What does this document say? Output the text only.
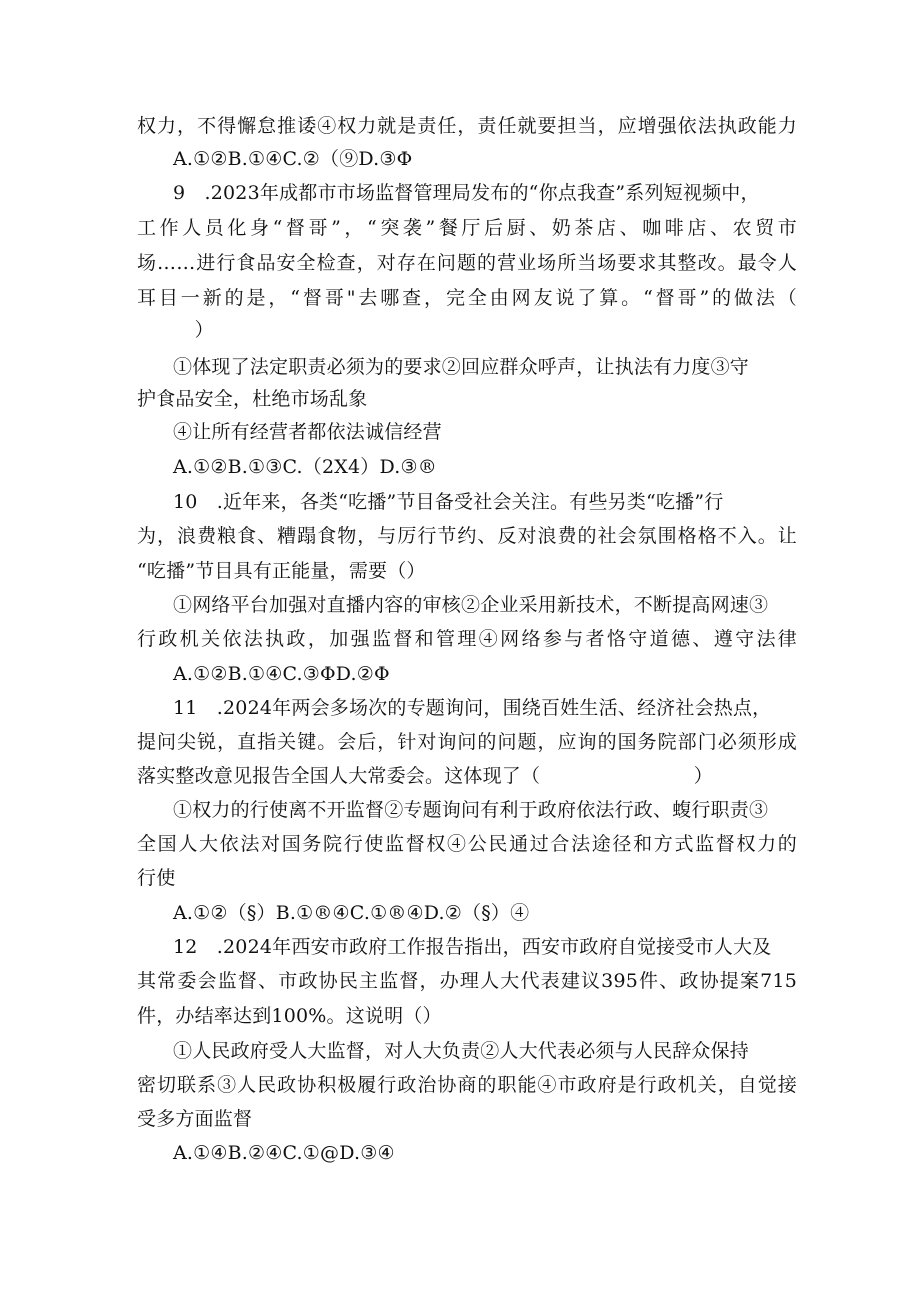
权力，不得懈怠推诿④权力就是责任，责任就要担当，应增强依法执政能力
A.①②B.①④C.②（⑨D.③Φ
9　.2023年成都市市场监督管理局发布的“你点我查”系列短视频中，
工作人员化身“督哥”，“突袭”餐厅后厨、奶茶店、咖啡店、农贸市
场……进行食品安全检查，对存在问题的营业场所当场要求其整改。最令人
耳目一新的是，“督哥"去哪查，完全由网友说了算。“督哥”的做法（
　　　）
①体现了法定职责必须为的要求②回应群众呼声，让执法有力度③守
护食品安全，杜绝市场乱象
④让所有经营者都依法诚信经营
A.①②B.①③C.（2X4）D.③®
10　.近年来，各类“吃播”节目备受社会关注。有些另类“吃播”行
为，浪费粮食、糟蹋食物，与厉行节约、反对浪费的社会氛围格格不入。让
“吃播”节目具有正能量，需要（）
①网络平台加强对直播内容的审核②企业采用新技术，不断提高网速③
行政机关依法执政，加强监督和管理④网络参与者恪守道德、遵守法律
A.①②B.①④C.③ΦD.②Φ
11　.2024年两会多场次的专题询问，围绕百姓生活、经济社会热点，
提问尖锐，直指关键。会后，针对询问的问题，应询的国务院部门必须形成
落实整改意见报告全国人大常委会。这体现了（　　　　　　　　）
①权力的行使离不开监督②专题询问有利于政府依法行政、蝮行职责③
全国人大依法对国务院行使监督权④公民通过合法途径和方式监督权力的
行使
A.①②（§）B.①®④C.①®④D.②（§）④
12　.2024年西安市政府工作报告指出，西安市政府自觉接受市人大及
其常委会监督、市政协民主监督，办理人大代表建议395件、政协提案715
件，办结率达到100%。这说明（）
①人民政府受人大监督，对人大负责②人大代表必须与人民辞众保持
密切联系③人民政协积极履行政治协商的职能④市政府是行政机关，自觉接
受多方面监督
A.①④B.②④C.①@D.③④
